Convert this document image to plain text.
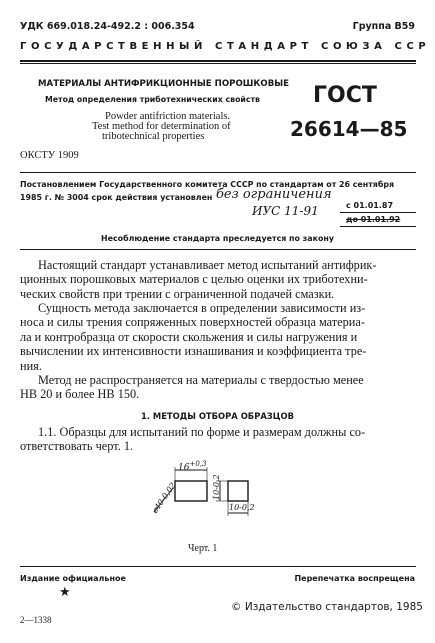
УДК 669.018.24-492.2 : 006.354	Группа В59
ГОСУДАРСТВЕННЫЙ СТАНДАРТ СОЮЗА ССР
МАТЕРИАЛЫ АНТИФРИКЦИОННЫЕ ПОРОШКОВЫЕ
Метод определения триботехнических свойств
Powder antifriction materials.
Test method for determination of
tribotechnical properties
ОКСТУ 1909
ГОСТ
26614—85
Постановлением Государственного комитета СССР по стандартам от 26 сентября
1985 г. № 3004 срок действия установлен без ограничения
ИУС 11-91	с 01.01.87
до 01.01.92
Несоблюдение стандарта преследуется по закону
Настоящий стандарт устанавливает метод испытаний антифрик-
ционных порошковых материалов с целью оценки их триботехни-
ческих свойств при трении с ограниченной подачей смазки.
Сущность метода заключается в определении зависимости из-
носа и силы трения сопряженных поверхностей образца материа-
ла и контробразца от скорости скольжения и силы нагружения и
вычислении их интенсивности изнашивания и коэффициента тре-
ния.
Метод не распространяется на материалы с твердостью менее
НВ 20 и более НВ 150.
1. МЕТОДЫ ОТБОРА ОБРАЗЦОВ
1.1. Образцы для испытаний по форме и размерам должны со-
ответствовать черт. 1.
$16^{+0,3}$
⌀40-0,02	10-0,2
10-0,2
Черт. 1
Издание официальное
★
Перепечатка воспрещена
© Издательство стандартов, 1985
2—1338
